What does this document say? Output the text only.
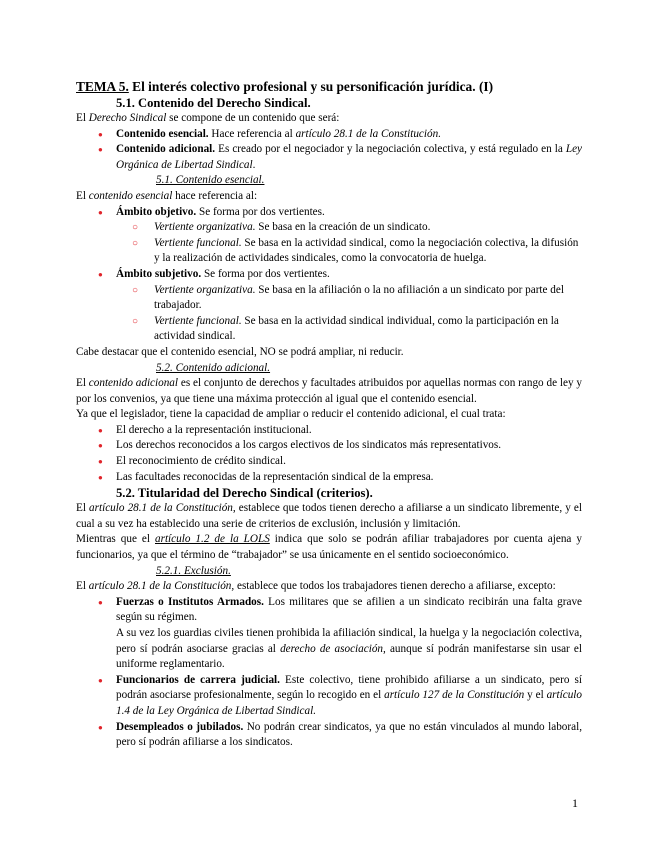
TEMA 5. El interés colectivo profesional y su personificación jurídica. (I)
5.1. Contenido del Derecho Sindical.
El Derecho Sindical se compone de un contenido que será:
● Contenido esencial. Hace referencia al artículo 28.1 de la Constitución.
● Contenido adicional. Es creado por el negociador y la negociación colectiva, y está regulado en la Ley Orgánica de Libertad Sindical.
5.1. Contenido esencial.
El contenido esencial hace referencia al:
● Ámbito objetivo. Se forma por dos vertientes.
○ Vertiente organizativa. Se basa en la creación de un sindicato.
○ Vertiente funcional. Se basa en la actividad sindical, como la negociación colectiva, la difusión y la realización de actividades sindicales, como la convocatoria de huelga.
● Ámbito subjetivo. Se forma por dos vertientes.
○ Vertiente organizativa. Se basa en la afiliación o la no afiliación a un sindicato por parte del trabajador.
○ Vertiente funcional. Se basa en la actividad sindical individual, como la participación en la actividad sindical.
Cabe destacar que el contenido esencial, NO se podrá ampliar, ni reducir.
5.2. Contenido adicional.
El contenido adicional es el conjunto de derechos y facultades atribuidos por aquellas normas con rango de ley y por los convenios, ya que tiene una máxima protección al igual que el contenido esencial.
Ya que el legislador, tiene la capacidad de ampliar o reducir el contenido adicional, el cual trata:
● El derecho a la representación institucional.
● Los derechos reconocidos a los cargos electivos de los sindicatos más representativos.
● El reconocimiento de crédito sindical.
● Las facultades reconocidas de la representación sindical de la empresa.
5.2. Titularidad del Derecho Sindical (criterios).
El artículo 28.1 de la Constitución, establece que todos tienen derecho a afiliarse a un sindicato libremente, y el cual a su vez ha establecido una serie de criterios de exclusión, inclusión y limitación.
Mientras que el artículo 1.2 de la LOLS indica que solo se podrán afiliar trabajadores por cuenta ajena y funcionarios, ya que el término de “trabajador” se usa únicamente en el sentido socioeconómico.
5.2.1. Exclusión.
El artículo 28.1 de la Constitución, establece que todos los trabajadores tienen derecho a afiliarse, excepto:
● Fuerzas o Institutos Armados. Los militares que se afilien a un sindicato recibirán una falta grave según su régimen.
A su vez los guardias civiles tienen prohibida la afiliación sindical, la huelga y la negociación colectiva, pero sí podrán asociarse gracias al derecho de asociación, aunque sí podrán manifestarse sin usar el uniforme reglamentario.
● Funcionarios de carrera judicial. Este colectivo, tiene prohibido afiliarse a un sindicato, pero sí podrán asociarse profesionalmente, según lo recogido en el artículo 127 de la Constitución y el artículo 1.4 de la Ley Orgánica de Libertad Sindical.
● Desempleados o jubilados. No podrán crear sindicatos, ya que no están vinculados al mundo laboral, pero sí podrán afiliarse a los sindicatos.
1
